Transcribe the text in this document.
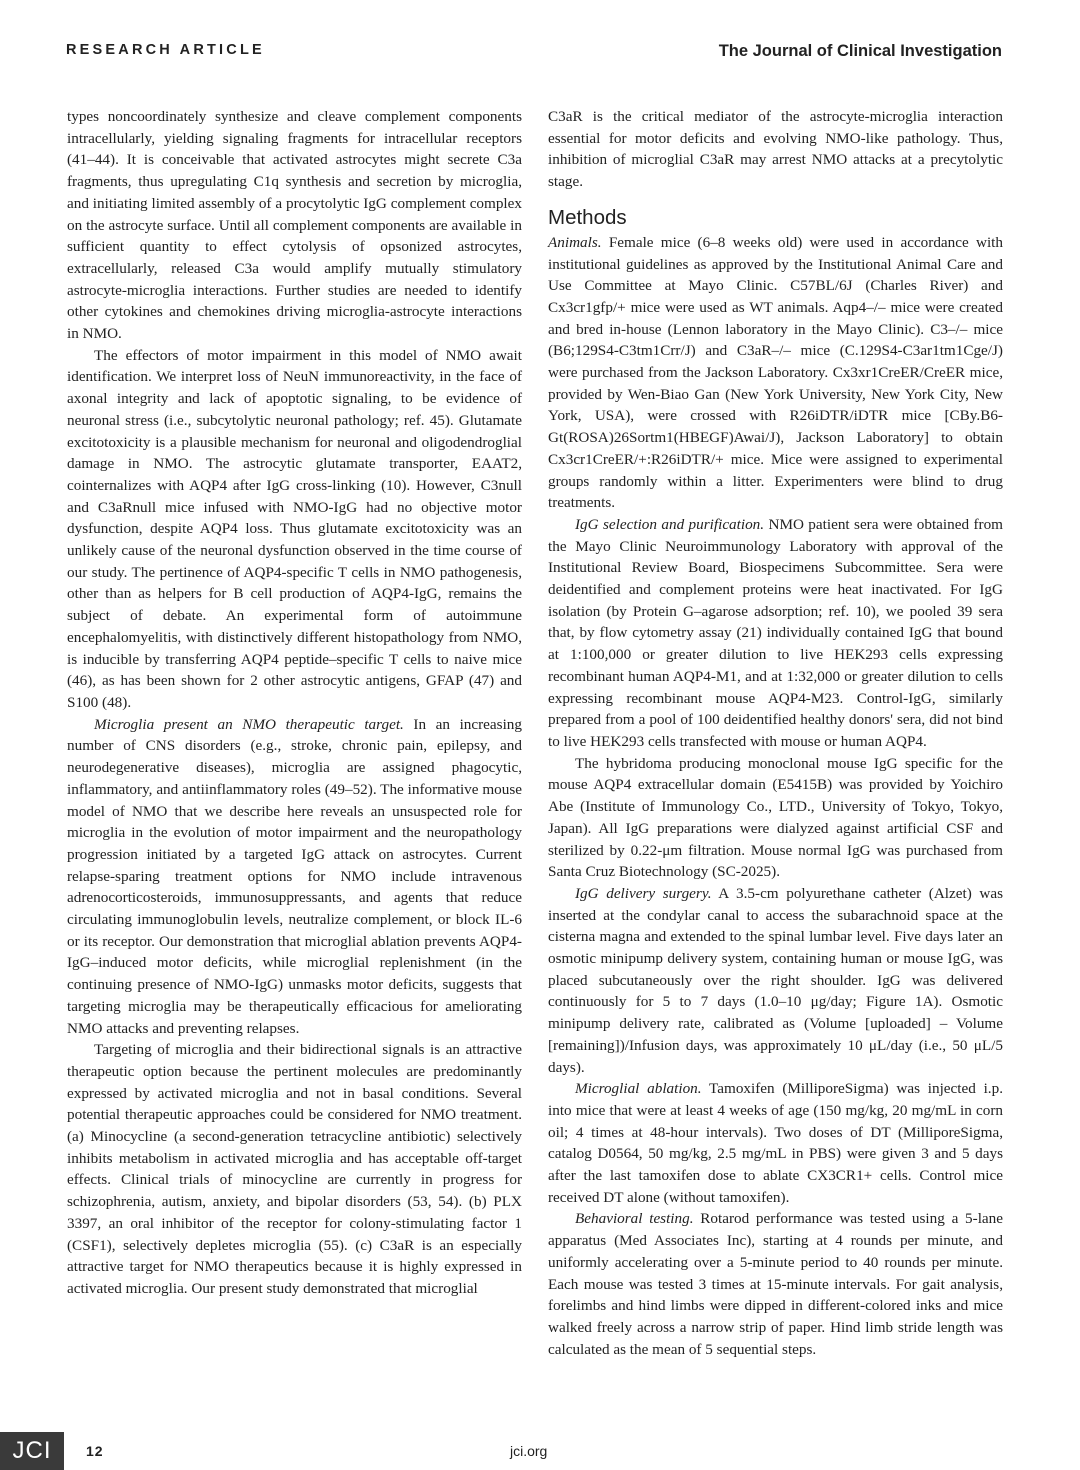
RESEARCH ARTICLE	The Journal of Clinical Investigation

types noncoordinately synthesize and cleave complement components intracellularly, yielding signaling fragments for intracellular receptors (41–44). It is conceivable that activated astrocytes might secrete C3a fragments, thus upregulating C1q synthesis and secretion by microglia, and initiating limited assembly of a procytolytic IgG complement complex on the astrocyte surface. Until all complement components are available in sufficient quantity to effect cytolysis of opsonized astrocytes, extracellularly, released C3a would amplify mutually stimulatory astrocyte-microglia interactions. Further studies are needed to identify other cytokines and chemokines driving microglia-astrocyte interactions in NMO.

The effectors of motor impairment in this model of NMO await identification. We interpret loss of NeuN immunoreactivity, in the face of axonal integrity and lack of apoptotic signaling, to be evidence of neuronal stress (i.e., subcytolytic neuronal pathology; ref. 45). Glutamate excitotoxicity is a plausible mechanism for neuronal and oligodendroglial damage in NMO. The astrocytic glutamate transporter, EAAT2, cointernalizes with AQP4 after IgG cross-linking (10). However, C3null and C3aRnull mice infused with NMO-IgG had no objective motor dysfunction, despite AQP4 loss. Thus glutamate excitotoxicity was an unlikely cause of the neuronal dysfunction observed in the time course of our study. The pertinence of AQP4-specific T cells in NMO pathogenesis, other than as helpers for B cell production of AQP4-IgG, remains the subject of debate. An experimental form of autoimmune encephalomyelitis, with distinctively different histopathology from NMO, is inducible by transferring AQP4 peptide–specific T cells to naive mice (46), as has been shown for 2 other astrocytic antigens, GFAP (47) and S100 (48).

Microglia present an NMO therapeutic target. In an increasing number of CNS disorders (e.g., stroke, chronic pain, epilepsy, and neurodegenerative diseases), microglia are assigned phagocytic, inflammatory, and antiinflammatory roles (49–52). The informative mouse model of NMO that we describe here reveals an unsuspected role for microglia in the evolution of motor impairment and the neuropathology progression initiated by a targeted IgG attack on astrocytes. Current relapse-sparing treatment options for NMO include intravenous adrenocorticosteroids, immunosuppressants, and agents that reduce circulating immunoglobulin levels, neutralize complement, or block IL-6 or its receptor. Our demonstration that microglial ablation prevents AQP4-IgG–induced motor deficits, while microglial replenishment (in the continuing presence of NMO-IgG) unmasks motor deficits, suggests that targeting microglia may be therapeutically efficacious for ameliorating NMO attacks and preventing relapses.

Targeting of microglia and their bidirectional signals is an attractive therapeutic option because the pertinent molecules are predominantly expressed by activated microglia and not in basal conditions. Several potential therapeutic approaches could be considered for NMO treatment. (a) Minocycline (a second-generation tetracycline antibiotic) selectively inhibits metabolism in activated microglia and has acceptable off-target effects. Clinical trials of minocycline are currently in progress for schizophrenia, autism, anxiety, and bipolar disorders (53, 54). (b) PLX 3397, an oral inhibitor of the receptor for colony-stimulating factor 1 (CSF1), selectively depletes microglia (55). (c) C3aR is an especially attractive target for NMO therapeutics because it is highly expressed in activated microglia. Our present study demonstrated that microglial

C3aR is the critical mediator of the astrocyte-microglia interaction essential for motor deficits and evolving NMO-like pathology. Thus, inhibition of microglial C3aR may arrest NMO attacks at a precytolytic stage.

Methods

Animals. Female mice (6–8 weeks old) were used in accordance with institutional guidelines as approved by the Institutional Animal Care and Use Committee at Mayo Clinic. C57BL/6J (Charles River) and Cx3cr1gfp/+ mice were used as WT animals. Aqp4–/– mice were created and bred in-house (Lennon laboratory in the Mayo Clinic). C3–/– mice (B6;129S4-C3tm1Crr/J) and C3aR–/– mice (C.129S4-C3ar1tm1Cge/J) were purchased from the Jackson Laboratory. Cx3xr1CreER/CreER mice, provided by Wen-Biao Gan (New York University, New York City, New York, USA), were crossed with R26iDTR/iDTR mice [CBy.B6-Gt(ROSA)26Sortm1(HBEGF)Awai/J), Jackson Laboratory] to obtain Cx3cr1CreER/+:R26iDTR/+ mice. Mice were assigned to experimental groups randomly within a litter. Experimenters were blind to drug treatments.

IgG selection and purification. NMO patient sera were obtained from the Mayo Clinic Neuroimmunology Laboratory with approval of the Institutional Review Board, Biospecimens Subcommittee. Sera were deidentified and complement proteins were heat inactivated. For IgG isolation (by Protein G–agarose adsorption; ref. 10), we pooled 39 sera that, by flow cytometry assay (21) individually contained IgG that bound at 1:100,000 or greater dilution to live HEK293 cells expressing recombinant human AQP4-M1, and at 1:32,000 or greater dilution to cells expressing recombinant mouse AQP4-M23. Control-IgG, similarly prepared from a pool of 100 deidentified healthy donors' sera, did not bind to live HEK293 cells transfected with mouse or human AQP4.

The hybridoma producing monoclonal mouse IgG specific for the mouse AQP4 extracellular domain (E5415B) was provided by Yoichiro Abe (Institute of Immunology Co., LTD., University of Tokyo, Tokyo, Japan). All IgG preparations were dialyzed against artificial CSF and sterilized by 0.22-μm filtration. Mouse normal IgG was purchased from Santa Cruz Biotechnology (SC-2025).

IgG delivery surgery. A 3.5-cm polyurethane catheter (Alzet) was inserted at the condylar canal to access the subarachnoid space at the cisterna magna and extended to the spinal lumbar level. Five days later an osmotic minipump delivery system, containing human or mouse IgG, was placed subcutaneously over the right shoulder. IgG was delivered continuously for 5 to 7 days (1.0–10 μg/day; Figure 1A). Osmotic minipump delivery rate, calibrated as (Volume [uploaded] – Volume [remaining])/Infusion days, was approximately 10 μL/day (i.e., 50 μL/5 days).

Microglial ablation. Tamoxifen (MilliporeSigma) was injected i.p. into mice that were at least 4 weeks of age (150 mg/kg, 20 mg/mL in corn oil; 4 times at 48-hour intervals). Two doses of DT (MilliporeSigma, catalog D0564, 50 mg/kg, 2.5 mg/mL in PBS) were given 3 and 5 days after the last tamoxifen dose to ablate CX3CR1+ cells. Control mice received DT alone (without tamoxifen).

Behavioral testing. Rotarod performance was tested using a 5-lane apparatus (Med Associates Inc), starting at 4 rounds per minute, and uniformly accelerating over a 5-minute period to 40 rounds per minute. Each mouse was tested 3 times at 15-minute intervals. For gait analysis, forelimbs and hind limbs were dipped in different-colored inks and mice walked freely across a narrow strip of paper. Hind limb stride length was calculated as the mean of 5 sequential steps.

JCI	12	jci.org
